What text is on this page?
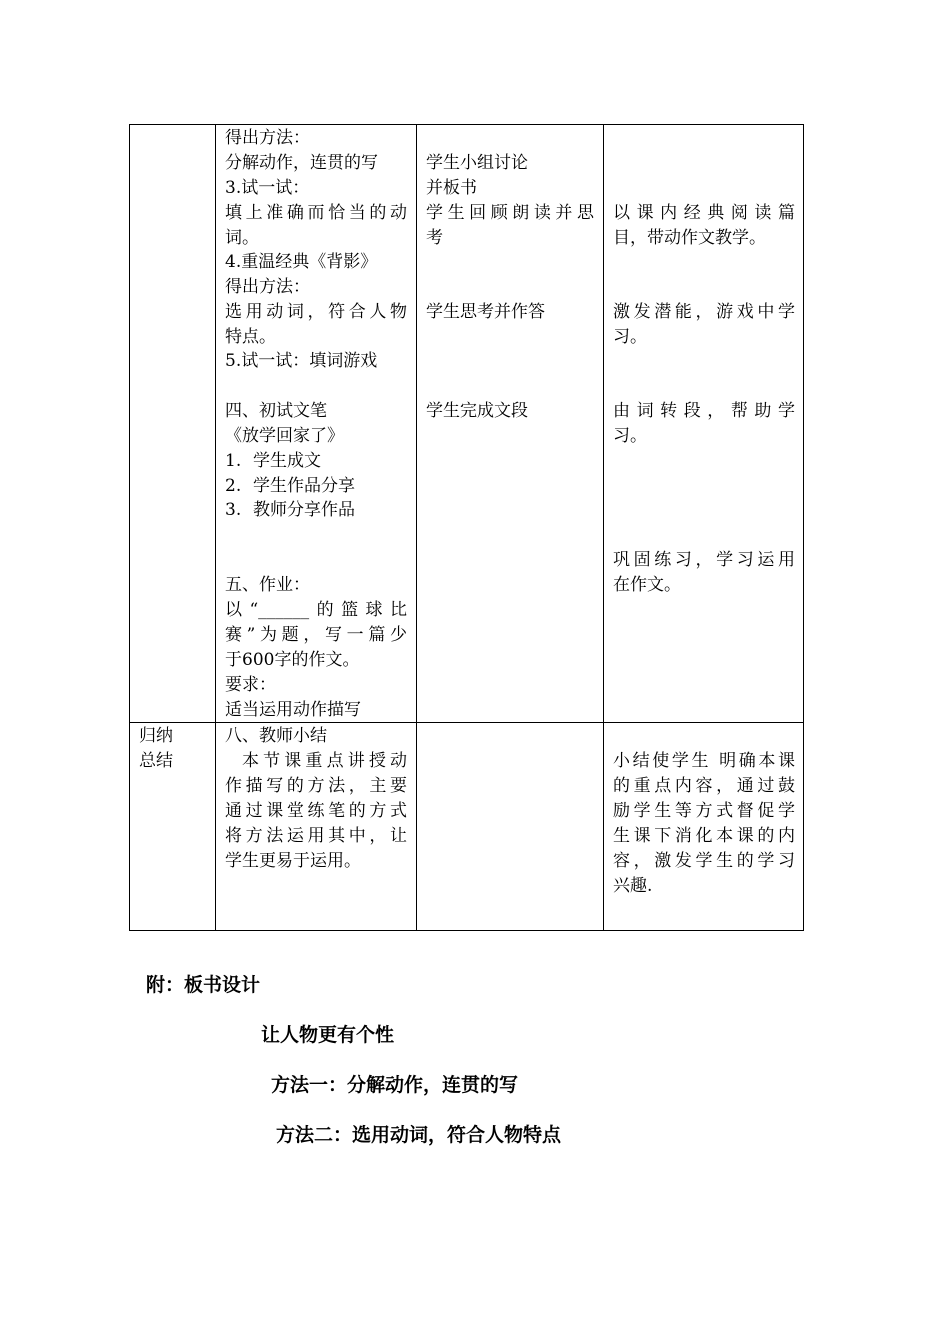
得出方法：
分解动作，连贯的写
3.试一试：
填上准确而恰当的动
词。
4.重温经典《背影》
得出方法：
选用动词，符合人物
特点。
5.试一试：填词游戏
四、初试文笔
《放学回家了》
1. 学生成文
2. 学生作品分享
3. 教师分享作品
五、作业：
以“______的篮球比
赛”为题，写一篇少
于600字的作文。
要求：
适当运用动作描写
学生小组讨论
并板书
学生回顾朗读并思
考
学生思考并作答
学生完成文段
以课内经典阅读篇
目，带动作文教学。
激发潜能，游戏中学
习。
由词转段，帮助学
习。
巩固练习，学习运用
在作文。
归纳
总结
八、教师小结
本节课重点讲授动
作描写的方法，主要
通过课堂练笔的方式
将方法运用其中，让
学生更易于运用。
小结使学生 明确本课
的重点内容，通过鼓
励学生等方式督促学
生课下消化本课的内
容，激发学生的学习
兴趣.
附：板书设计
让人物更有个性
方法一：分解动作，连贯的写
方法二：选用动词，符合人物特点
